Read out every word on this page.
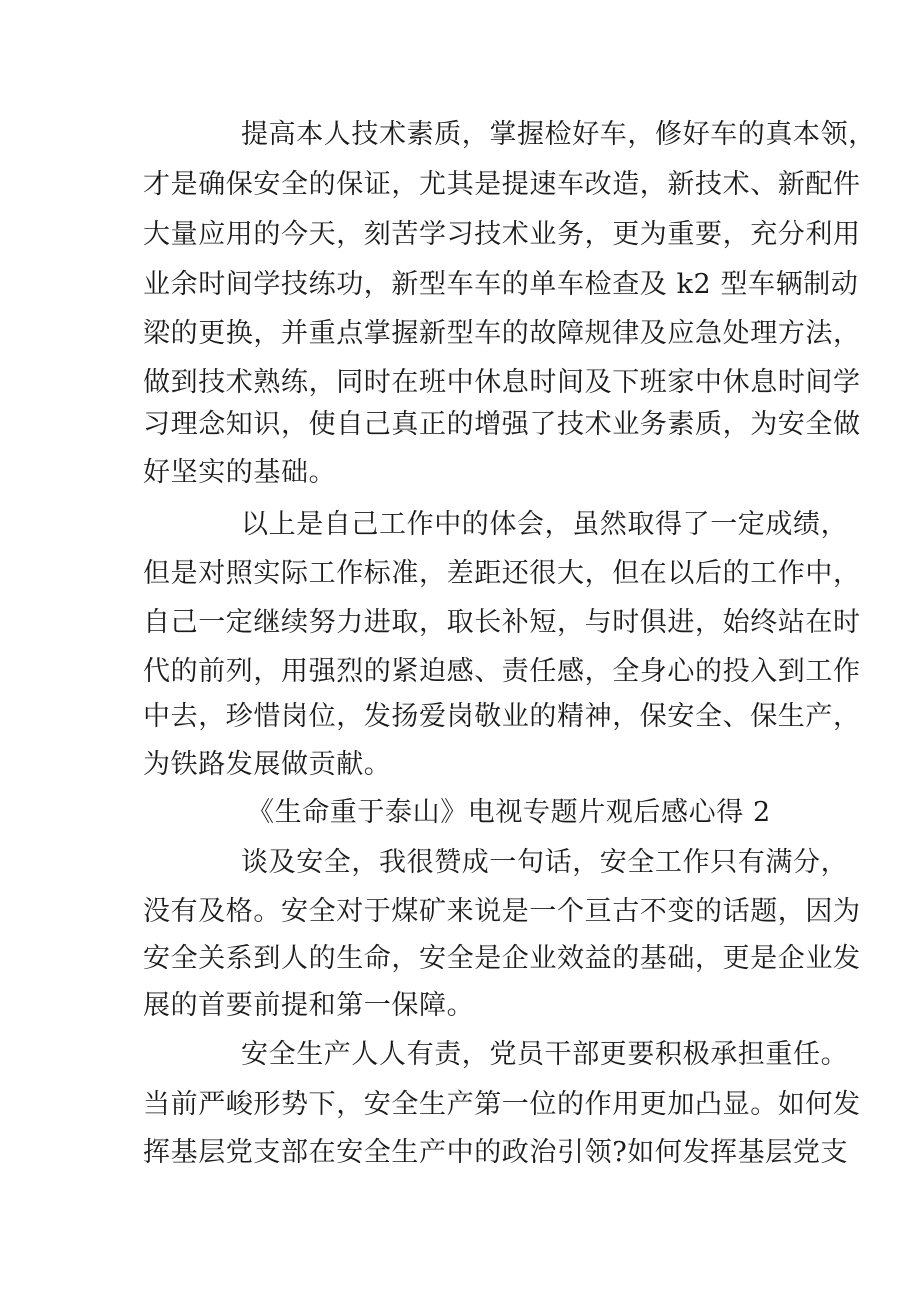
提高本人技术素质，掌握检好车，修好车的真本领，

才是确保安全的保证，尤其是提速车改造，新技术、新配件

大量应用的今天，刻苦学习技术业务，更为重要，充分利用

业余时间学技练功，新型车车的单车检查及 k2 型车辆制动

梁的更换，并重点掌握新型车的故障规律及应急处理方法，

做到技术熟练，同时在班中休息时间及下班家中休息时间学

习理念知识，使自己真正的增强了技术业务素质，为安全做

好坚实的基础。

以上是自己工作中的体会，虽然取得了一定成绩，

但是对照实际工作标准，差距还很大，但在以后的工作中，

自己一定继续努力进取，取长补短，与时俱进，始终站在时

代的前列，用强烈的紧迫感、责任感，全身心的投入到工作

中去，珍惜岗位，发扬爱岗敬业的精神，保安全、保生产，

为铁路发展做贡献。

《生命重于泰山》电视专题片观后感心得 2

谈及安全，我很赞成一句话，安全工作只有满分，

没有及格。安全对于煤矿来说是一个亘古不变的话题，因为

安全关系到人的生命，安全是企业效益的基础，更是企业发

展的首要前提和第一保障。

安全生产人人有责，党员干部更要积极承担重任。

当前严峻形势下，安全生产第一位的作用更加凸显。如何发

挥基层党支部在安全生产中的政治引领?如何发挥基层党支
